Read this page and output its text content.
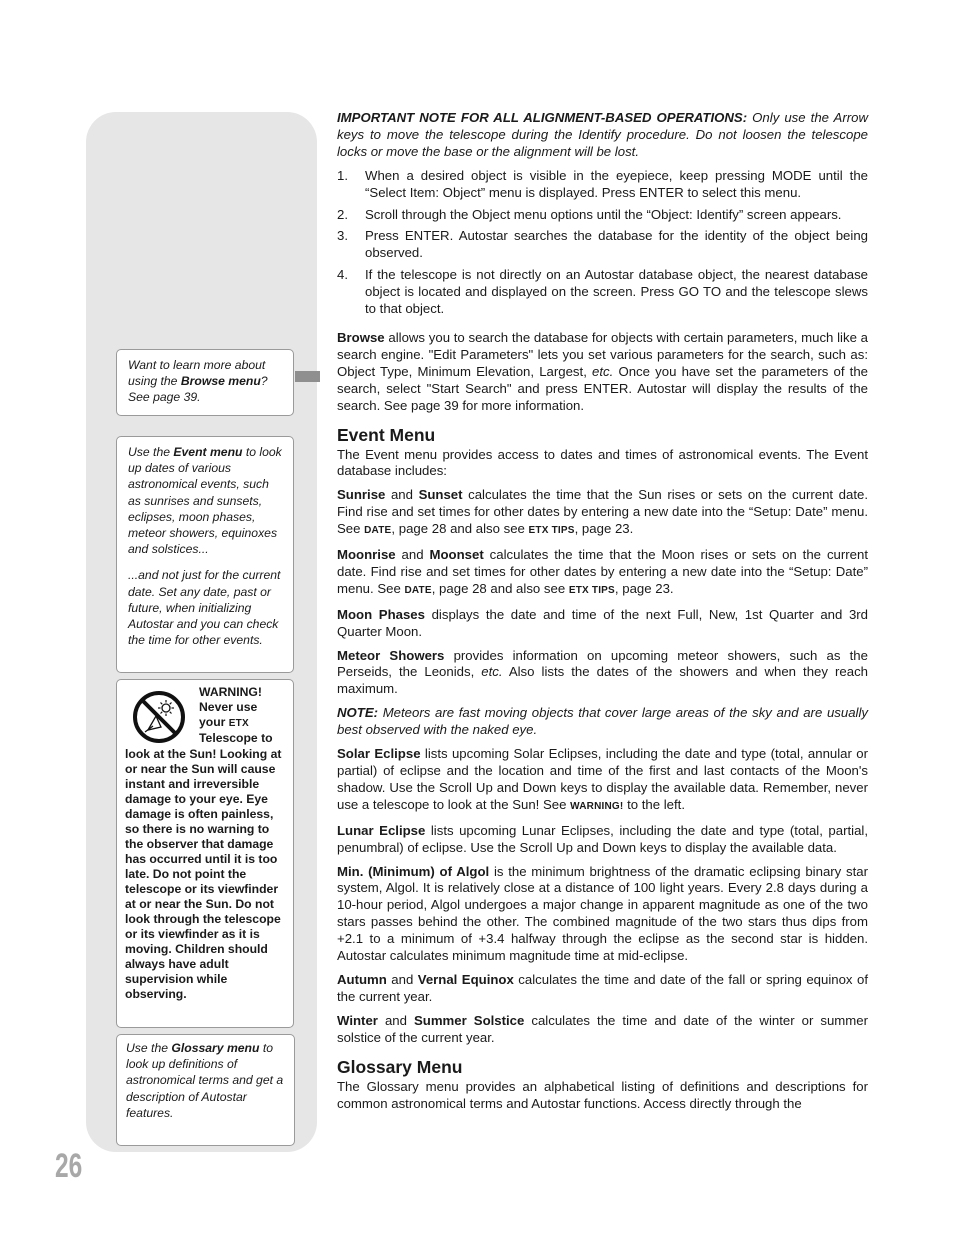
Want to learn more about using the Browse menu? See page 39.

Use the Event menu to look up dates of various astronomical events, such as sunrises and sunsets, eclipses, moon phases, meteor showers, equinoxes and solstices...

...and not just for the current date. Set any date, past or future, when initializing Autostar and you can check the time for other events.

WARNING!
Never use
your ETX
Telescope to
look at the Sun! Looking at or near the Sun will cause instant and irreversible damage to your eye. Eye damage is often painless, so there is no warning to the observer that damage has occurred until it is too late. Do not point the telescope or its viewfinder at or near the Sun. Do not look through the telescope or its viewfinder as it is moving. Children should always have adult supervision while observing.

Use the Glossary menu to look up definitions of astronomical terms and get a description of Autostar features.

26

IMPORTANT NOTE FOR ALL ALIGNMENT-BASED OPERATIONS: Only use the Arrow keys to move the telescope during the Identify procedure. Do not loosen the telescope locks or move the base or the alignment will be lost.

1. When a desired object is visible in the eyepiece, keep pressing MODE until the “Select Item: Object” menu is displayed. Press ENTER to select this menu.
2. Scroll through the Object menu options until the “Object: Identify” screen appears.
3. Press ENTER. Autostar searches the database for the identity of the object being observed.
4. If the telescope is not directly on an Autostar database object, the nearest database object is located and displayed on the screen. Press GO TO and the telescope slews to that object.

Browse allows you to search the database for objects with certain parameters, much like a search engine. "Edit Parameters" lets you set various parameters for the search, such as: Object Type, Minimum Elevation, Largest, etc. Once you have set the parameters of the search, select "Start Search" and press ENTER. Autostar will display the results of the search. See page 39 for more information.

Event Menu

The Event menu provides access to dates and times of astronomical events. The Event database includes:

Sunrise and Sunset calculates the time that the Sun rises or sets on the current date. Find rise and set times for other dates by entering a new date into the “Setup: Date” menu. See DATE, page 28 and also see ETX TIPS, page 23.

Moonrise and Moonset calculates the time that the Moon rises or sets on the current date. Find rise and set times for other dates by entering a new date into the “Setup: Date” menu. See DATE, page 28 and also see ETX TIPS, page 23.

Moon Phases displays the date and time of the next Full, New, 1st Quarter and 3rd Quarter Moon.

Meteor Showers provides information on upcoming meteor showers, such as the Perseids, the Leonids, etc. Also lists the dates of the showers and when they reach maximum.

NOTE: Meteors are fast moving objects that cover large areas of the sky and are usually best observed with the naked eye.

Solar Eclipse lists upcoming Solar Eclipses, including the date and type (total, annular or partial) of eclipse and the location and time of the first and last contacts of the Moon's shadow. Use the Scroll Up and Down keys to display the available data. Remember, never use a telescope to look at the Sun! See WARNING! to the left.

Lunar Eclipse lists upcoming Lunar Eclipses, including the date and type (total, partial, penumbral) of eclipse. Use the Scroll Up and Down keys to display the available data.

Min. (Minimum) of Algol is the minimum brightness of the dramatic eclipsing binary star system, Algol. It is relatively close at a distance of 100 light years. Every 2.8 days during a 10-hour period, Algol undergoes a major change in apparent magnitude as one of the two stars passes behind the other. The combined magnitude of the two stars thus dips from +2.1 to a minimum of +3.4 halfway through the eclipse as the second star is hidden. Autostar calculates minimum magnitude time at mid-eclipse.

Autumn and Vernal Equinox calculates the time and date of the fall or spring equinox of the current year.

Winter and Summer Solstice calculates the time and date of the winter or summer solstice of the current year.

Glossary Menu

The Glossary menu provides an alphabetical listing of definitions and descriptions for common astronomical terms and Autostar functions. Access directly through the
